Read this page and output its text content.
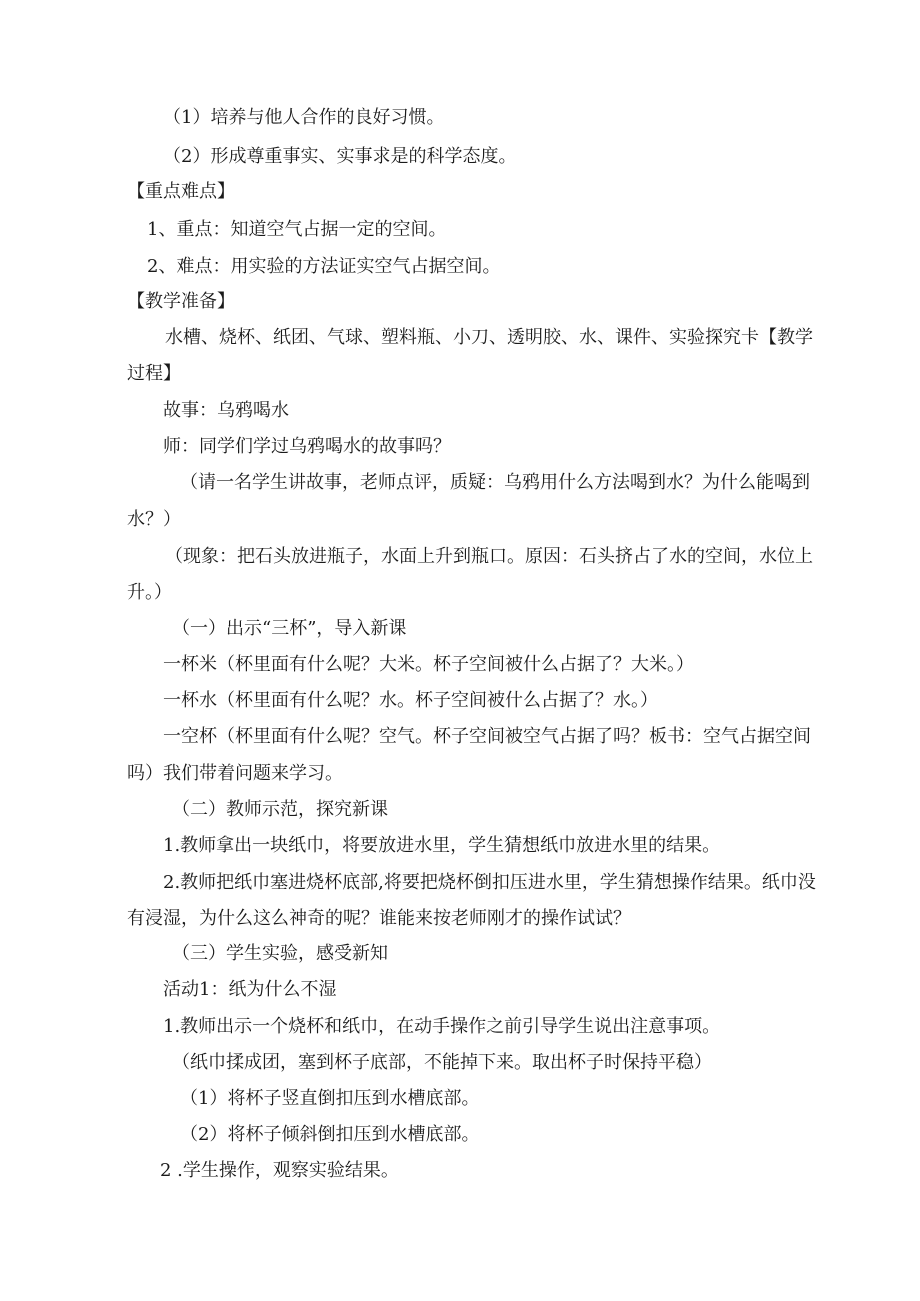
（1）培养与他人合作的良好习惯。
（2）形成尊重事实、实事求是的科学态度。
【重点难点】
1、重点：知道空气占据一定的空间。
2、难点：用实验的方法证实空气占据空间。
【教学准备】
水槽、烧杯、纸团、气球、塑料瓶、小刀、透明胶、水、课件、实验探究卡【教学
过程】
故事：乌鸦喝水
师：同学们学过乌鸦喝水的故事吗？
（请一名学生讲故事，老师点评，质疑：乌鸦用什么方法喝到水？为什么能喝到
水？）
（现象：把石头放进瓶子，水面上升到瓶口。原因：石头挤占了水的空间，水位上
升。）
（一）出示“三杯”，导入新课
一杯米（杯里面有什么呢？大米。杯子空间被什么占据了？大米。）
一杯水（杯里面有什么呢？水。杯子空间被什么占据了？水。）
一空杯（杯里面有什么呢？空气。杯子空间被空气占据了吗？板书：空气占据空间
吗）我们带着问题来学习。
（二）教师示范，探究新课
1.教师拿出一块纸巾，将要放进水里，学生猜想纸巾放进水里的结果。
2.教师把纸巾塞进烧杯底部,将要把烧杯倒扣压进水里，学生猜想操作结果。纸巾没
有浸湿，为什么这么神奇的呢？谁能来按老师刚才的操作试试？
（三）学生实验，感受新知
活动1：纸为什么不湿
1.教师出示一个烧杯和纸巾，在动手操作之前引导学生说出注意事项。
（纸巾揉成团，塞到杯子底部，不能掉下来。取出杯子时保持平稳）
（1）将杯子竖直倒扣压到水槽底部。
（2）将杯子倾斜倒扣压到水槽底部。
2 .学生操作，观察实验结果。
